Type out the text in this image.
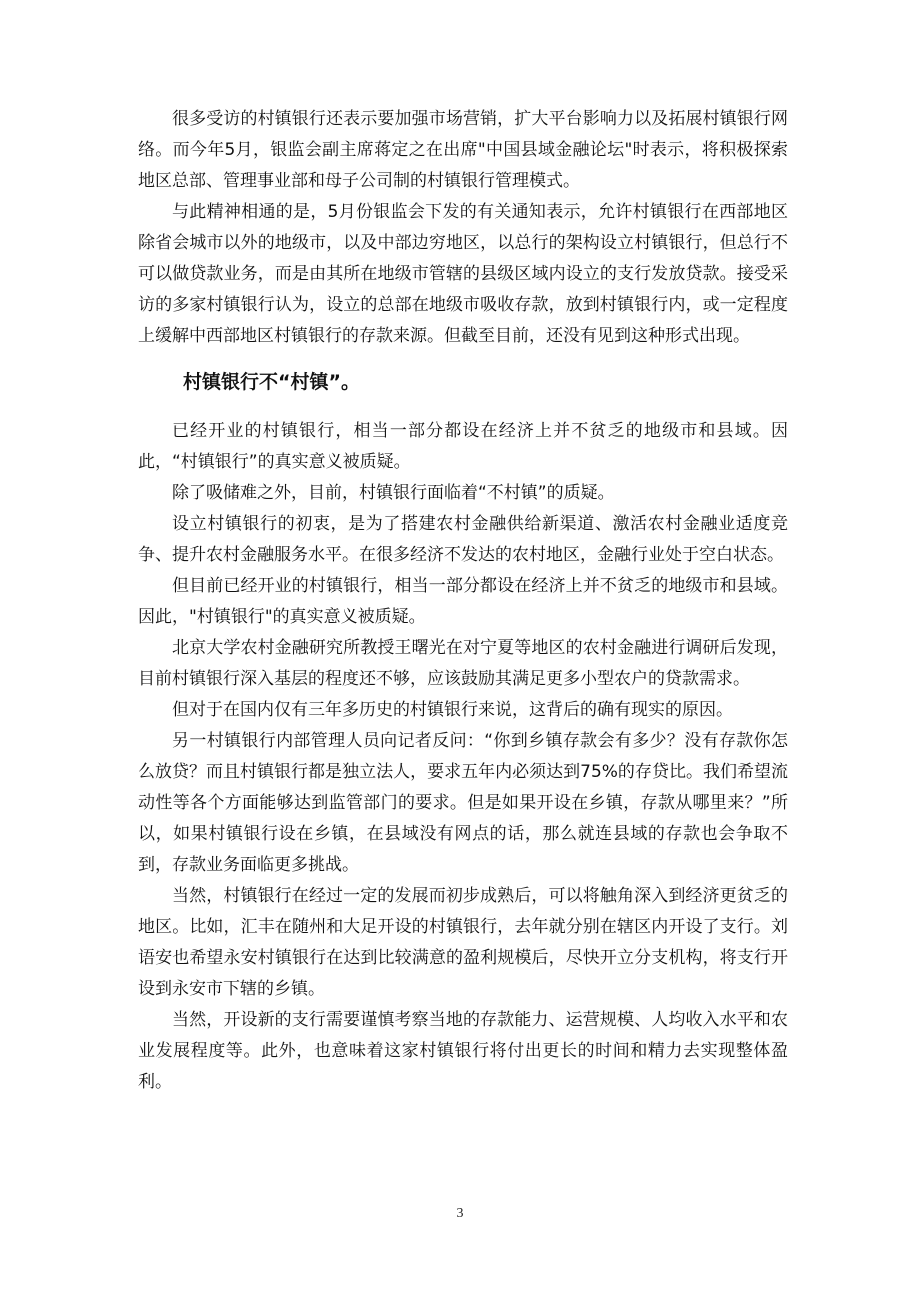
很多受访的村镇银行还表示要加强市场营销，扩大平台影响力以及拓展村镇银行网络。而今年5月，银监会副主席蒋定之在出席"中国县域金融论坛"时表示，将积极探索地区总部、管理事业部和母子公司制的村镇银行管理模式。

与此精神相通的是，5月份银监会下发的有关通知表示，允许村镇银行在西部地区除省会城市以外的地级市，以及中部边穷地区，以总行的架构设立村镇银行，但总行不可以做贷款业务，而是由其所在地级市管辖的县级区域内设立的支行发放贷款。接受采访的多家村镇银行认为，设立的总部在地级市吸收存款，放到村镇银行内，或一定程度上缓解中西部地区村镇银行的存款来源。但截至目前，还没有见到这种形式出现。

村镇银行不“村镇”。

已经开业的村镇银行，相当一部分都设在经济上并不贫乏的地级市和县域。因此，“村镇银行”的真实意义被质疑。

除了吸储难之外，目前，村镇银行面临着“不村镇”的质疑。

设立村镇银行的初衷，是为了搭建农村金融供给新渠道、激活农村金融业适度竞争、提升农村金融服务水平。在很多经济不发达的农村地区，金融行业处于空白状态。

但目前已经开业的村镇银行，相当一部分都设在经济上并不贫乏的地级市和县域。因此，"村镇银行"的真实意义被质疑。

北京大学农村金融研究所教授王曙光在对宁夏等地区的农村金融进行调研后发现，目前村镇银行深入基层的程度还不够，应该鼓励其满足更多小型农户的贷款需求。

但对于在国内仅有三年多历史的村镇银行来说，这背后的确有现实的原因。

另一村镇银行内部管理人员向记者反问：“你到乡镇存款会有多少？没有存款你怎么放贷？而且村镇银行都是独立法人，要求五年内必须达到75%的存贷比。我们希望流动性等各个方面能够达到监管部门的要求。但是如果开设在乡镇，存款从哪里来？”所以，如果村镇银行设在乡镇，在县域没有网点的话，那么就连县域的存款也会争取不到，存款业务面临更多挑战。

当然，村镇银行在经过一定的发展而初步成熟后，可以将触角深入到经济更贫乏的地区。比如，汇丰在随州和大足开设的村镇银行，去年就分别在辖区内开设了支行。刘语安也希望永安村镇银行在达到比较满意的盈利规模后，尽快开立分支机构，将支行开设到永安市下辖的乡镇。

当然，开设新的支行需要谨慎考察当地的存款能力、运营规模、人均收入水平和农业发展程度等。此外，也意味着这家村镇银行将付出更长的时间和精力去实现整体盈利。

3
